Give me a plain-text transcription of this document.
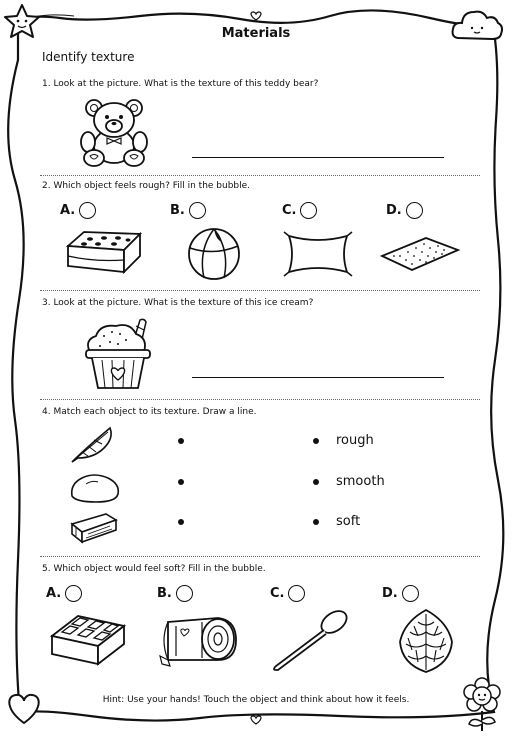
Materials
Identify texture
1. Look at the picture. What is the texture of this teddy bear?
2. Which object feels rough? Fill in the bubble.
A.	B.	C.	D.
3. Look at the picture. What is the texture of this ice cream?
4. Match each object to its texture. Draw a line.
rough
smooth
soft
5. Which object would feel soft? Fill in the bubble.
A.	B.	C.	D.
Hint: Use your hands! Touch the object and think about how it feels.
